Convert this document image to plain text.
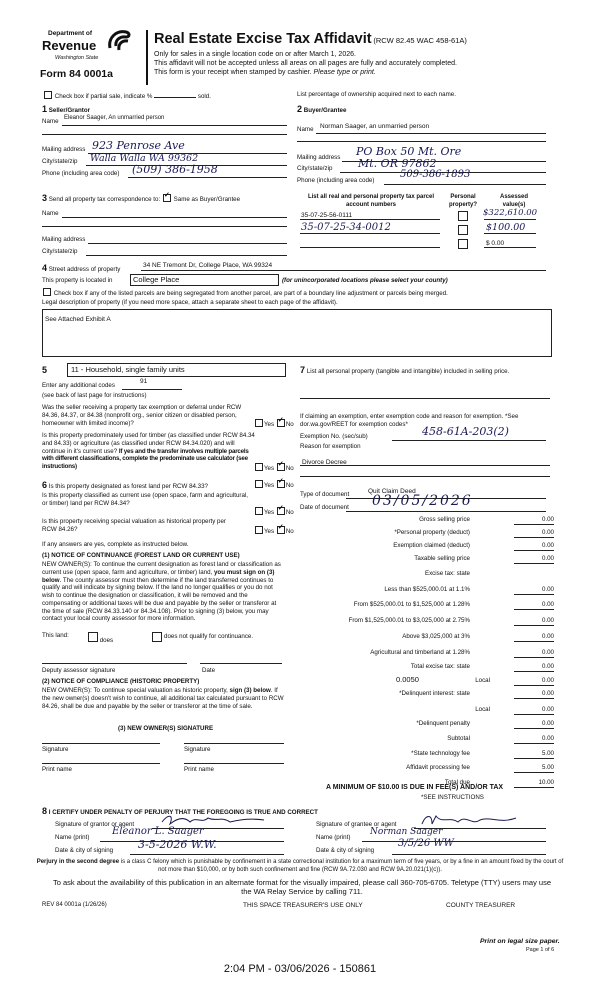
Department of
Revenue
Washington State
Form 84 0001a
Real Estate Excise Tax Affidavit (RCW 82.45 WAC 458-61A)
Only for sales in a single location code on or after March 1, 2026.
This affidavit will not be accepted unless all areas on all pages are fully and accurately completed.
This form is your receipt when stamped by cashier. Please type or print.
Check box if partial sale, indicate %	sold.	List percentage of ownership acquired next to each name.
1 Seller/Grantor
Name Eleanor Saager, An unmarried person
Mailing address 923 Penrose Ave
City/state/zip Walla Walla WA 99362
Phone (including area code) (509) 386-1958
2 Buyer/Grantee
Name Norman Saager, an unmarried person
Mailing address PO Box 50 Mt. Ore
City/state/zip Mt. OR 97862
Phone (including area code)
509-386-1893
3 Send all property tax correspondence to: ✓ Same as Buyer/Grantee
Name
Mailing address
City/state/zip
List all real and personal property tax parcel account numbers
Personal property?
Assessed value(s)
35-07-25-56-0111	$322,610.00
35-07-25-34-0012	$100.00
$ 0.00
4 Street address of property
34 NE Tremont Dr, College Place, WA 99324
This property is located in	College Place	(for unincorporated locations please select your county)
Check box if any of the listed parcels are being segregated from another parcel, are part of a boundary line adjustment or parcels being merged.
Legal description of property (if you need more space, attach a separate sheet to each page of the affidavit).
See Attached Exhibit A
5	11 - Household, single family units
Enter any additional codes
91
(see back of last page for instructions)
Was the seller receiving a property tax exemption or deferral under RCW 84.36, 84.37, or 84.38 (nonprofit org., senior citizen or disabled person, homeowner with limited income)?	Yes ✓ No
Is this property predominately used for timber (as classified under RCW 84.34 and 84.33) or agriculture (as classified under RCW 84.34.020) and will continue in it's current use? If yes and the transfer involves multiple parcels with different classifications, complete the predominate use calculator (see instructions)	Yes ✓ No
6 Is this property designated as forest land per RCW 84.33?	Yes ✓ No
Is this property classified as current use (open space, farm and agricultural, or timber) land per RCW 84.34?
Yes ✓ No
Is this property receiving special valuation as historical property per RCW 84.26?	Yes ✓ No
If any answers are yes, complete as instructed below.
(1) NOTICE OF CONTINUANCE (FOREST LAND OR CURRENT USE)
NEW OWNER(S): To continue the current designation as forest land or classification as current use (open space, farm and agriculture, or timber) land, you must sign on (3) below. The county assessor must then determine if the land transferred continues to qualify and will indicate by signing below. If the land no longer qualifies or you do not wish to continue the designation or classification, it will be removed and the compensating or additional taxes will be due and payable by the seller or transferor at the time of sale (RCW 84.33.140 or 84.34.108). Prior to signing (3) below, you may contact your local county assessor for more information.
This land:
does
does not qualify for continuance.
Deputy assessor signature	Date
(2) NOTICE OF COMPLIANCE (HISTORIC PROPERTY)
NEW OWNER(S): To continue special valuation as historic property, sign (3) below. If the new owner(s) doesn't wish to continue, all additional tax calculated pursuant to RCW 84.26, shall be due and payable by the seller or transferor at the time of sale.
(3) NEW OWNER(S) SIGNATURE
Signature	Signature
Print name	Print name
7 List all personal property (tangible and intangible) included in selling price.
If claiming an exemption, enter exemption code and reason for exemption. *See dor.wa.gov/REET for exemption codes*
Exemption No. (sec/sub)	458-61A-203(2)
Reason for exemption
Divorce Decree
Type of document	Quit Claim Deed
Date of document 03/05/2026
Gross selling price	0.00
*Personal property (deduct)	0.00
Exemption claimed (deduct)	0.00
Taxable selling price	0.00
Excise tax: state
Less than $525,000.01 at 1.1%	0.00
From $525,000.01 to $1,525,000 at 1.28%	0.00
From $1,525,000.01 to $3,025,000 at 2.75%	0.00
Above $3,025,000 at 3%	0.00
Agricultural and timberland at 1.28%	0.00
Total excise tax: state	0.00
Local	0.00
*Delinquent interest: state	0.00
Local	0.00
*Delinquent penalty	0.00
Subtotal	0.00
*State technology fee	5.00
Affidavit processing fee	5.00
Total due	10.00
0.0050
A MINIMUM OF $10.00 IS DUE IN FEE(S) AND/OR TAX
*SEE INSTRUCTIONS
8 I CERTIFY UNDER PENALTY OF PERJURY THAT THE FOREGOING IS TRUE AND CORRECT
Signature of grantor or agent	Signature of grantee or agent
Name (print)
Eleanor L. Saager
Name (print)
Norman Saager
Date & city of signing 3-5-2026 W.W.	Date & city of signing
3/5/26 WW
Perjury in the second degree is a class C felony which is punishable by confinement in a state correctional institution for a maximum term of five years, or by a fine in an amount fixed by the court of not more than $10,000, or by both such confinement and fine (RCW 9A.72.030 and RCW 9A.20.021(1)(c)).
To ask about the availability of this publication in an alternate format for the visually impaired, please call 360-705-6705. Teletype (TTY) users may use the WA Relay Service by calling 711.
REV 84 0001a (1/26/26)	THIS SPACE TREASURER'S USE ONLY	COUNTY TREASURER
Print on legal size paper.
Page 1 of 6
2:04 PM - 03/06/2026 - 150861
